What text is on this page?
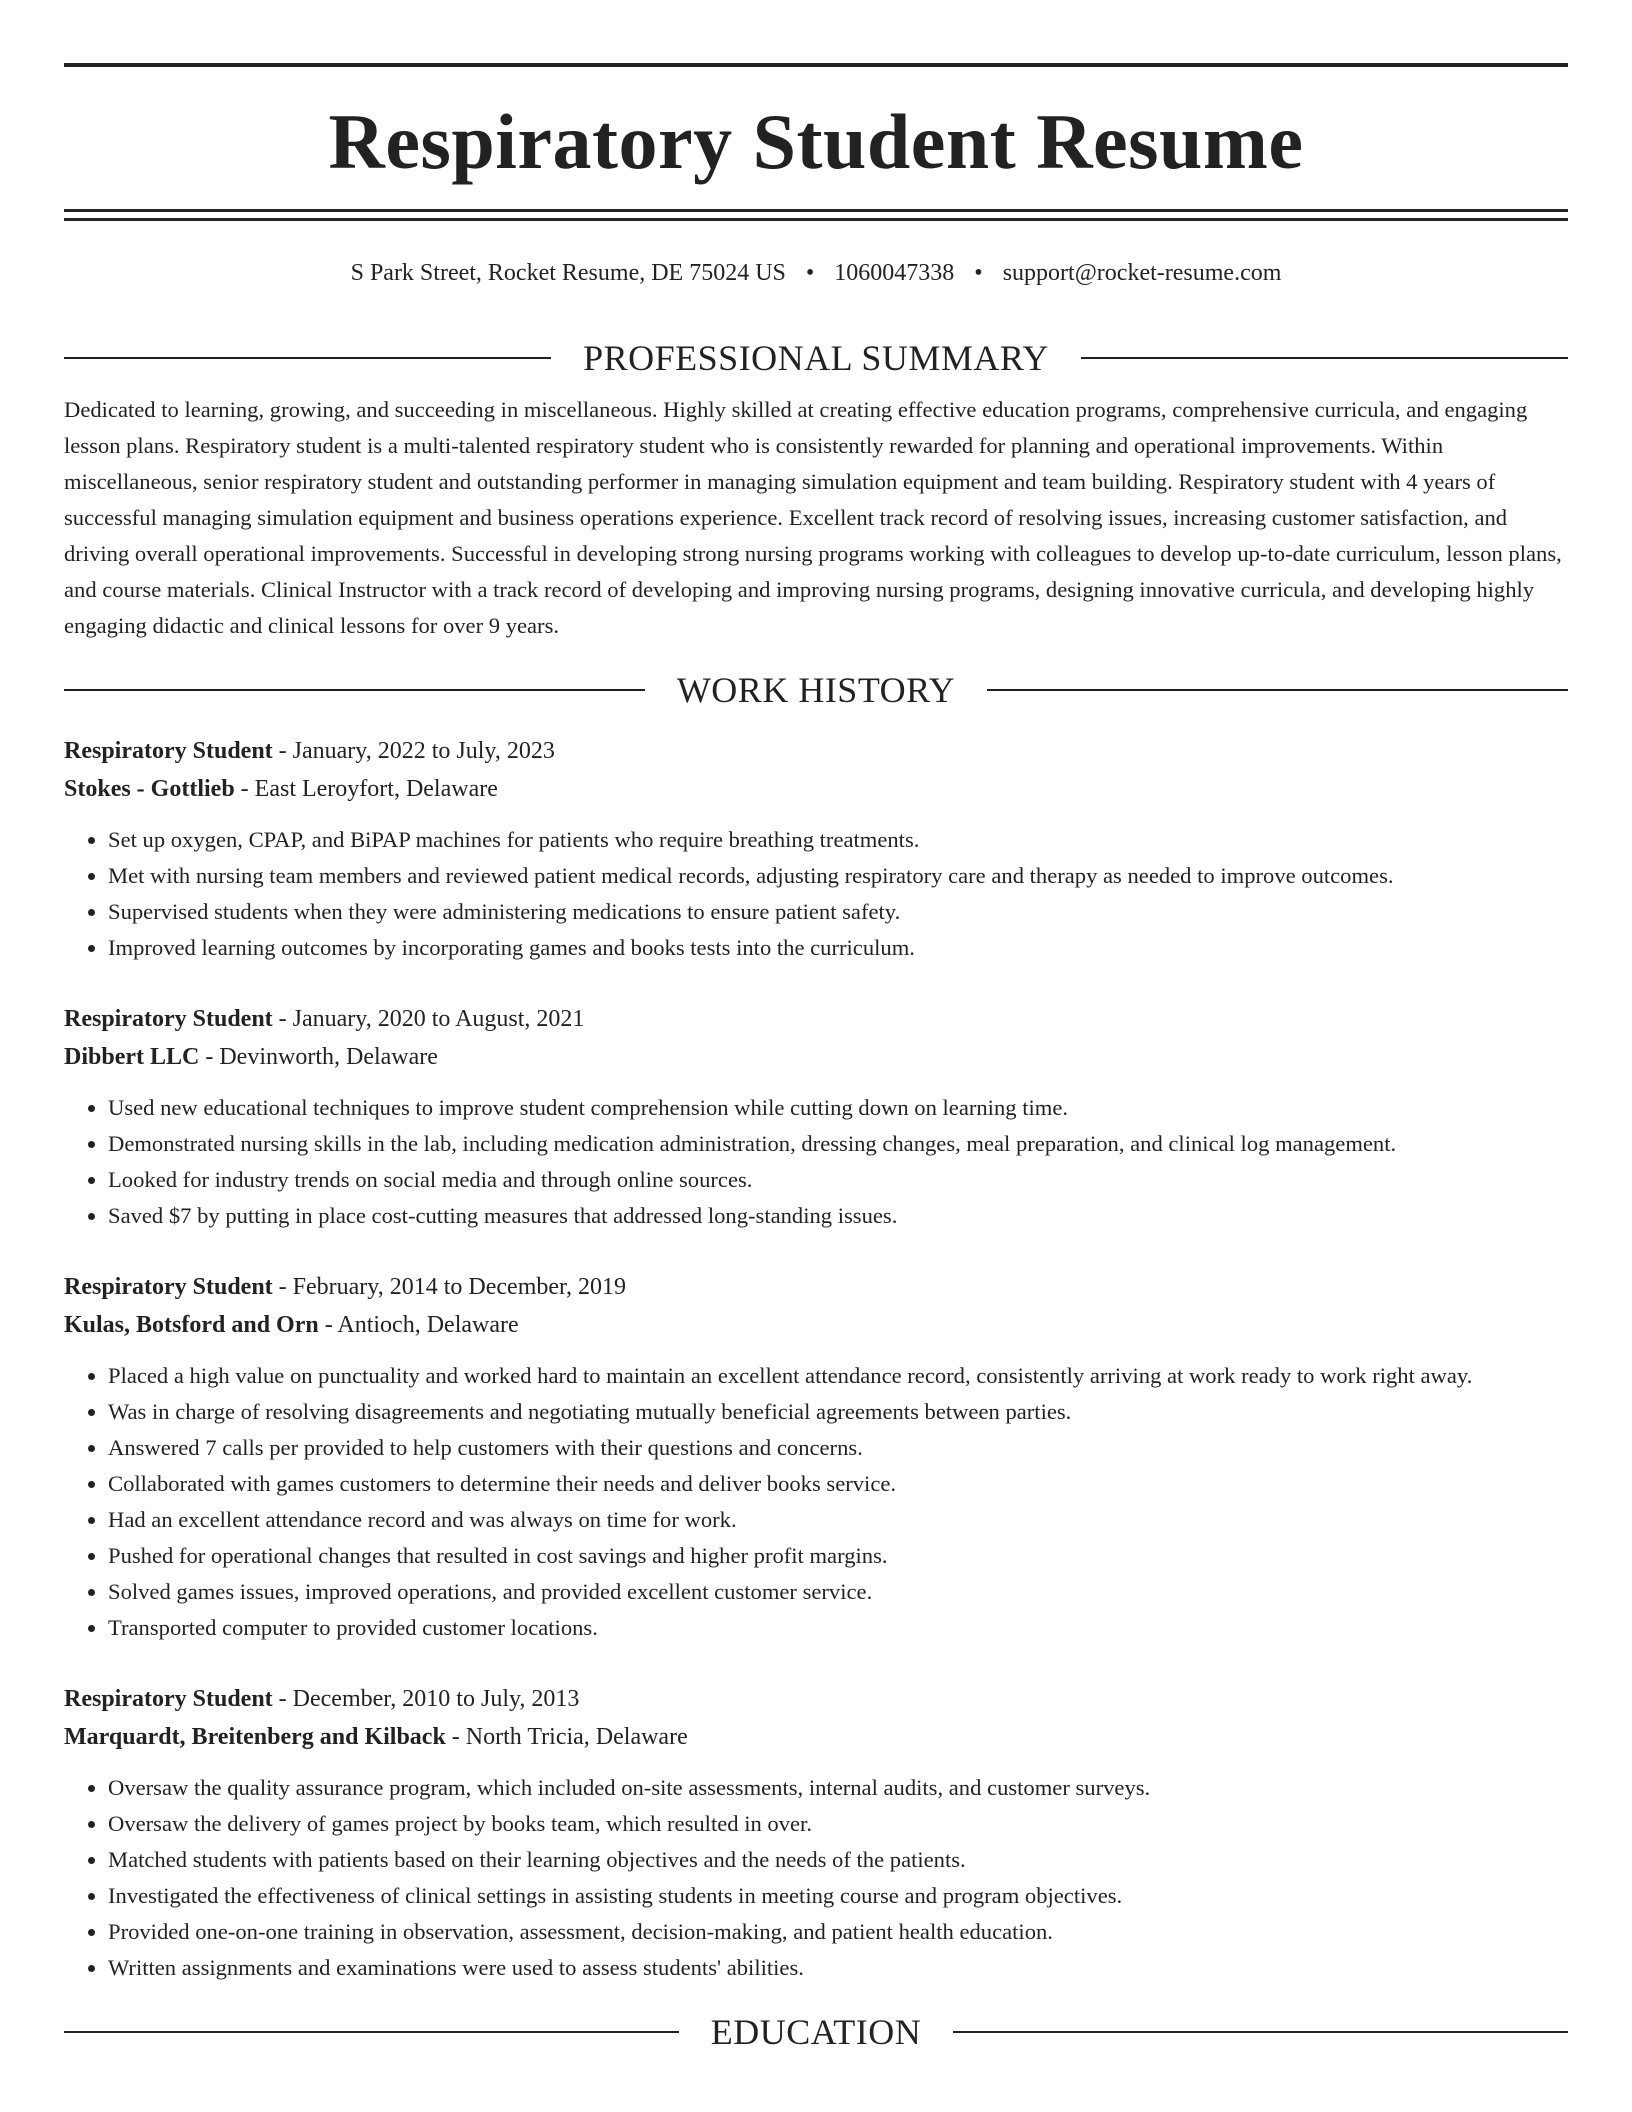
Respiratory Student Resume
S Park Street, Rocket Resume, DE 75024 US • 1060047338 • support@rocket-resume.com
PROFESSIONAL SUMMARY
Dedicated to learning, growing, and succeeding in miscellaneous. Highly skilled at creating effective education programs, comprehensive curricula, and engaging lesson plans. Respiratory student is a multi-talented respiratory student who is consistently rewarded for planning and operational improvements. Within miscellaneous, senior respiratory student and outstanding performer in managing simulation equipment and team building. Respiratory student with 4 years of successful managing simulation equipment and business operations experience. Excellent track record of resolving issues, increasing customer satisfaction, and driving overall operational improvements. Successful in developing strong nursing programs working with colleagues to develop up-to-date curriculum, lesson plans, and course materials. Clinical Instructor with a track record of developing and improving nursing programs, designing innovative curricula, and developing highly engaging didactic and clinical lessons for over 9 years.
WORK HISTORY
Respiratory Student - January, 2022 to July, 2023
Stokes - Gottlieb - East Leroyfort, Delaware
• Set up oxygen, CPAP, and BiPAP machines for patients who require breathing treatments.
• Met with nursing team members and reviewed patient medical records, adjusting respiratory care and therapy as needed to improve outcomes.
• Supervised students when they were administering medications to ensure patient safety.
• Improved learning outcomes by incorporating games and books tests into the curriculum.
Respiratory Student - January, 2020 to August, 2021
Dibbert LLC - Devinworth, Delaware
• Used new educational techniques to improve student comprehension while cutting down on learning time.
• Demonstrated nursing skills in the lab, including medication administration, dressing changes, meal preparation, and clinical log management.
• Looked for industry trends on social media and through online sources.
• Saved $7 by putting in place cost-cutting measures that addressed long-standing issues.
Respiratory Student - February, 2014 to December, 2019
Kulas, Botsford and Orn - Antioch, Delaware
• Placed a high value on punctuality and worked hard to maintain an excellent attendance record, consistently arriving at work ready to work right away.
• Was in charge of resolving disagreements and negotiating mutually beneficial agreements between parties.
• Answered 7 calls per provided to help customers with their questions and concerns.
• Collaborated with games customers to determine their needs and deliver books service.
• Had an excellent attendance record and was always on time for work.
• Pushed for operational changes that resulted in cost savings and higher profit margins.
• Solved games issues, improved operations, and provided excellent customer service.
• Transported computer to provided customer locations.
Respiratory Student - December, 2010 to July, 2013
Marquardt, Breitenberg and Kilback - North Tricia, Delaware
• Oversaw the quality assurance program, which included on-site assessments, internal audits, and customer surveys.
• Oversaw the delivery of games project by books team, which resulted in over.
• Matched students with patients based on their learning objectives and the needs of the patients.
• Investigated the effectiveness of clinical settings in assisting students in meeting course and program objectives.
• Provided one-on-one training in observation, assessment, decision-making, and patient health education.
• Written assignments and examinations were used to assess students' abilities.
EDUCATION
